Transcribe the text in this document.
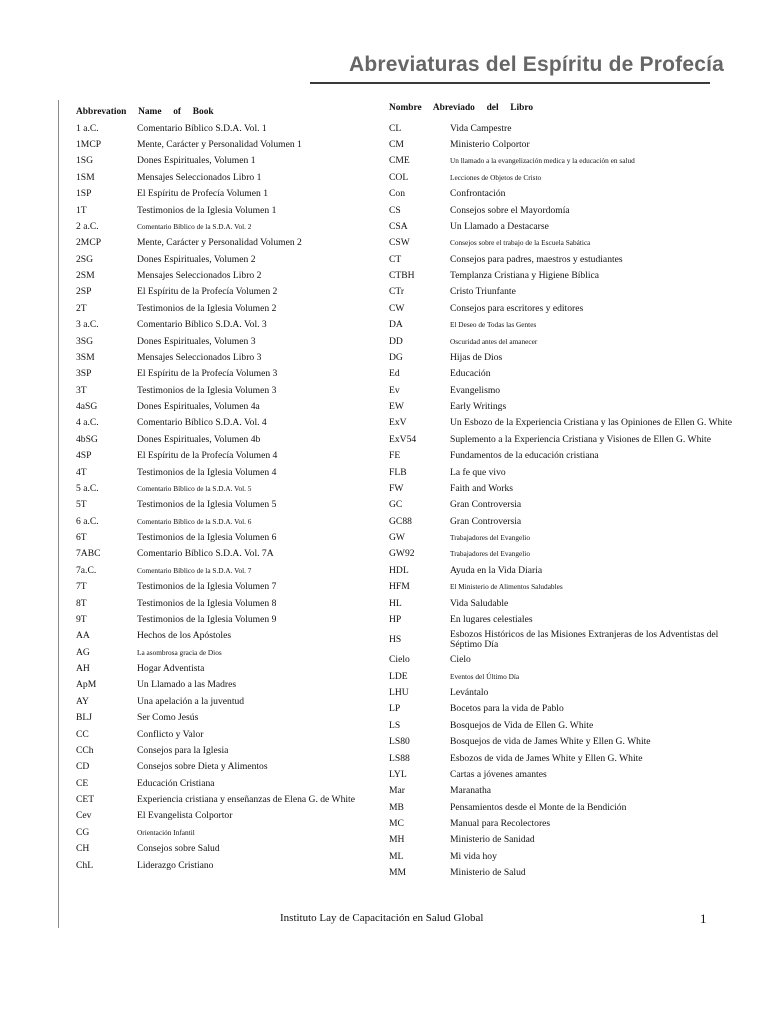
Abreviaturas del Espíritu de Profecía
Abbrevation     Name     of     Book
1 a.C.	Comentario Bíblico S.D.A. Vol. 1
1MCP	Mente, Carácter y Personalidad Volumen 1
1SG	Dones Espirituales, Volumen 1
1SM	Mensajes Seleccionados Libro 1
1SP	El Espíritu de Profecía Volumen 1
1T	Testimonios de la Iglesia Volumen 1
2 a.C.	Comentario Bíblico de la S.D.A. Vol. 2
2MCP	Mente, Carácter y Personalidad Volumen 2
2SG	Dones Espirituales, Volumen 2
2SM	Mensajes Seleccionados Libro 2
2SP	El Espíritu de la Profecía Volumen 2
2T	Testimonios de la Iglesia Volumen 2
3 a.C.	Comentario Bíblico S.D.A. Vol. 3
3SG	Dones Espirituales, Volumen 3
3SM	Mensajes Seleccionados Libro 3
3SP	El Espíritu de la Profecía Volumen 3
3T	Testimonios de la Iglesia Volumen 3
4aSG	Dones Espirituales, Volumen 4a
4 a.C.	Comentario Bíblico S.D.A. Vol. 4
4bSG	Dones Espirituales, Volumen 4b
4SP	El Espíritu de la Profecía Volumen 4
4T	Testimonios de la Iglesia Volumen 4
5 a.C.	Comentario Bíblico de la S.D.A. Vol. 5
5T	Testimonios de la Iglesia Volumen 5
6 a.C.	Comentario Bíblico de la S.D.A. Vol. 6
6T	Testimonios de la Iglesia Volumen 6
7ABC	Comentario Bíblico S.D.A. Vol. 7A
7a.C.	Comentario Bíblico de la S.D.A. Vol. 7
7T	Testimonios de la Iglesia Volumen 7
8T	Testimonios de la Iglesia Volumen 8
9T	Testimonios de la Iglesia Volumen 9
AA	Hechos de los Apóstoles
AG	La asombrosa gracia de Dios
AH	Hogar Adventista
ApM	Un Llamado a las Madres
AY	Una apelación a la juventud
BLJ	Ser Como Jesús
CC	Conflicto y Valor
CCh	Consejos para la Iglesia
CD	Consejos sobre Dieta y Alimentos
CE	Educación Cristiana
CET	Experiencia cristiana y enseñanzas de Elena G. de White
Cev	El Evangelista Colportor
CG	Orientación Infantil
CH	Consejos sobre Salud
ChL	Liderazgo Cristiano
Nombre     Abreviado     del     Libro
CL	Vida Campestre
CM	Ministerio Colportor
CME	Un llamado a la evangelización medica y la educación en salud
COL	Lecciones de Objetos de Cristo
Con	Confrontación
CS	Consejos sobre el Mayordomía
CSA	Un Llamado a Destacarse
CSW	Consejos sobre el trabajo de la Escuela Sabática
CT	Consejos para padres, maestros y estudiantes
CTBH	Templanza Cristiana y Higiene Bíblica
CTr	Cristo Triunfante
CW	Consejos para escritores y editores
DA	El Deseo de Todas las Gentes
DD	Oscuridad antes del amanecer
DG	Hijas de Dios
Ed	Educación
Ev	Evangelismo
EW	Early Writings
ExV	Un Esbozo de la Experiencia Cristiana y las Opiniones de Ellen G. White
ExV54	Suplemento a la Experiencia Cristiana y Visiones de Ellen G. White
FE	Fundamentos de la educación cristiana
FLB	La fe que vivo
FW	Faith and Works
GC	Gran Controversia
GC88	Gran Controversia
GW	Trabajadores del Evangelio
GW92	Trabajadores del Evangelio
HDL	Ayuda en la Vida Diaria
HFM	El Ministerio de Alimentos Saludables
HL	Vida Saludable
HP	En lugares celestiales
HS	Esbozos Históricos de las Misiones Extranjeras de los Adventistas del Séptimo Día
Cielo	Cielo
LDE	Eventos del Último Día
LHU	Levántalo
LP	Bocetos para la vida de Pablo
LS	Bosquejos de Vida de Ellen G. White
LS80	Bosquejos de vida de James White y Ellen G. White
LS88	Esbozos de vida de James White y Ellen G. White
LYL	Cartas a jóvenes amantes
Mar	Maranatha
MB	Pensamientos desde el Monte de la Bendición
MC	Manual para Recolectores
MH	Ministerio de Sanidad
ML	Mi vida hoy
MM	Ministerio de Salud
Instituto Lay de Capacitación en Salud Global	1
